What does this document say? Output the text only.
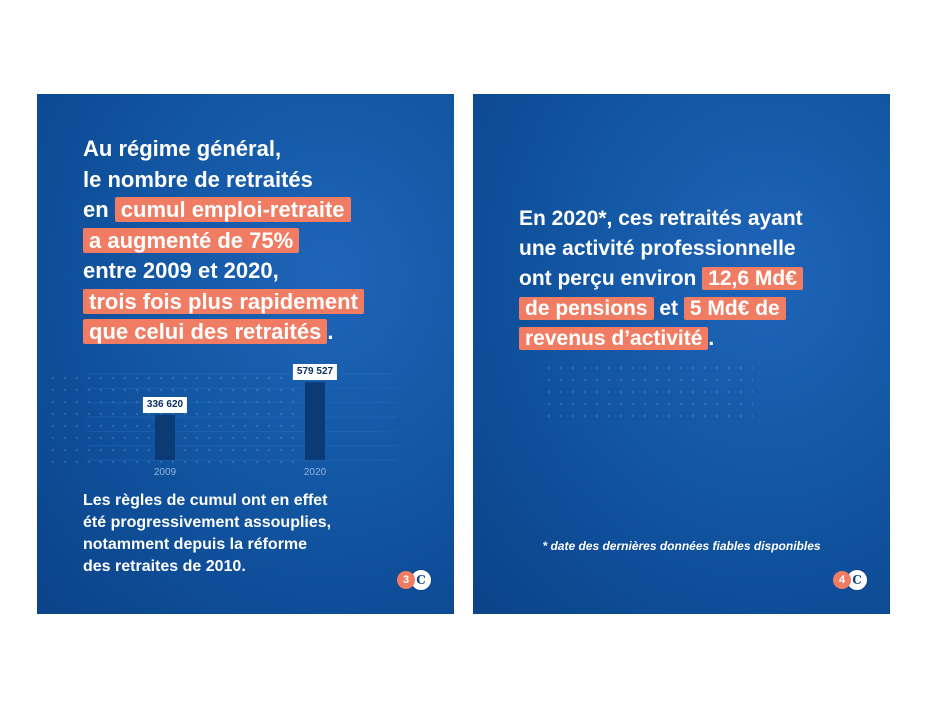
Au régime général,
le nombre de retraités
en cumul emploi-retraite
a augmenté de 75%
entre 2009 et 2020,
trois fois plus rapidement
que celui des retraités .

336 620
2009
579 527
2020

Les règles de cumul ont en effet
été progressivement assouplies,
notamment depuis la réforme
des retraites de 2010.

3 C

En 2020*, ces retraités ayant
une activité professionnelle
ont perçu environ 12,6 Md€
de pensions et 5 Md€ de
revenus d’activité .

* date des dernières données fiables disponibles
4 C
